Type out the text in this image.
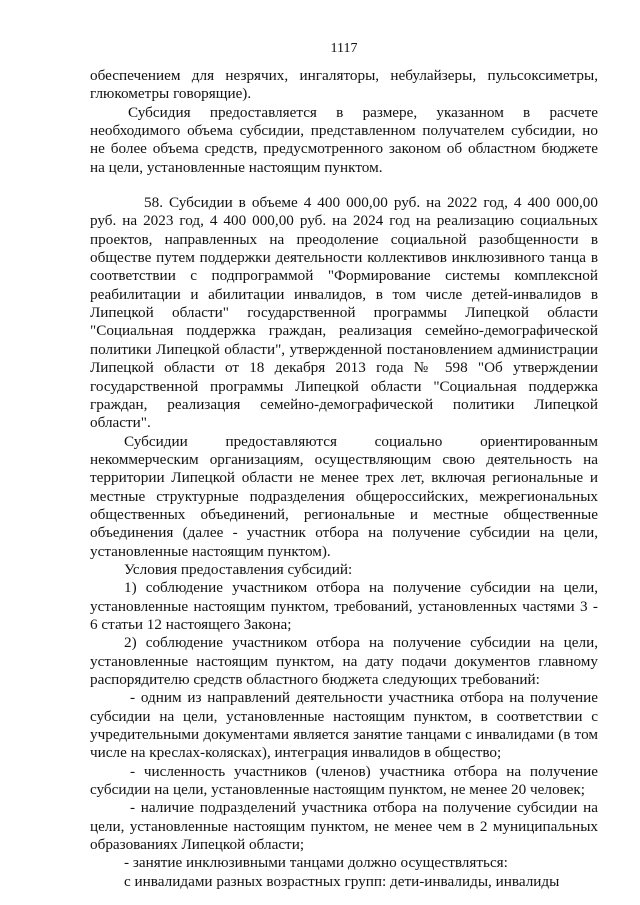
1117

обеспечением для незрячих, ингаляторы, небулайзеры, пульсоксиметры, глюкометры говорящие).

Субсидия предоставляется в размере, указанном в расчете необходимого объема субсидии, представленном получателем субсидии, но не более объема средств, предусмотренного законом об областном бюджете на цели, установленные настоящим пунктом.

58. Субсидии в объеме 4 400 000,00 руб. на 2022 год, 4 400 000,00 руб. на 2023 год, 4 400 000,00 руб. на 2024 год на реализацию социальных проектов, направленных на преодоление социальной разобщенности в обществе путем поддержки деятельности коллективов инклюзивного танца в соответствии с подпрограммой "Формирование системы комплексной реабилитации и абилитации инвалидов, в том числе детей-инвалидов в Липецкой области" государственной программы Липецкой области "Социальная поддержка граждан, реализация семейно-демографической политики Липецкой области", утвержденной постановлением администрации Липецкой области от 18 декабря 2013 года № 598 "Об утверждении государственной программы Липецкой области "Социальная поддержка граждан, реализация семейно-демографической политики Липецкой области".

Субсидии предоставляются социально ориентированным некоммерческим организациям, осуществляющим свою деятельность на территории Липецкой области не менее трех лет, включая региональные и местные структурные подразделения общероссийских, межрегиональных общественных объединений, региональные и местные общественные объединения (далее - участник отбора на получение субсидии на цели, установленные настоящим пунктом).

Условия предоставления субсидий:

1) соблюдение участником отбора на получение субсидии на цели, установленные настоящим пунктом, требований, установленных частями 3 - 6 статьи 12 настоящего Закона;

2) соблюдение участником отбора на получение субсидии на цели, установленные настоящим пунктом, на дату подачи документов главному распорядителю средств областного бюджета следующих требований:

- одним из направлений деятельности участника отбора на получение субсидии на цели, установленные настоящим пунктом, в соответствии с учредительными документами является занятие танцами с инвалидами (в том числе на креслах-колясках), интеграция инвалидов в общество;

- численность участников (членов) участника отбора на получение субсидии на цели, установленные настоящим пунктом, не менее 20 человек;

- наличие подразделений участника отбора на получение субсидии на цели, установленные настоящим пунктом, не менее чем в 2 муниципальных образованиях Липецкой области;

- занятие инклюзивными танцами должно осуществляться:

с инвалидами разных возрастных групп: дети-инвалиды, инвалиды
